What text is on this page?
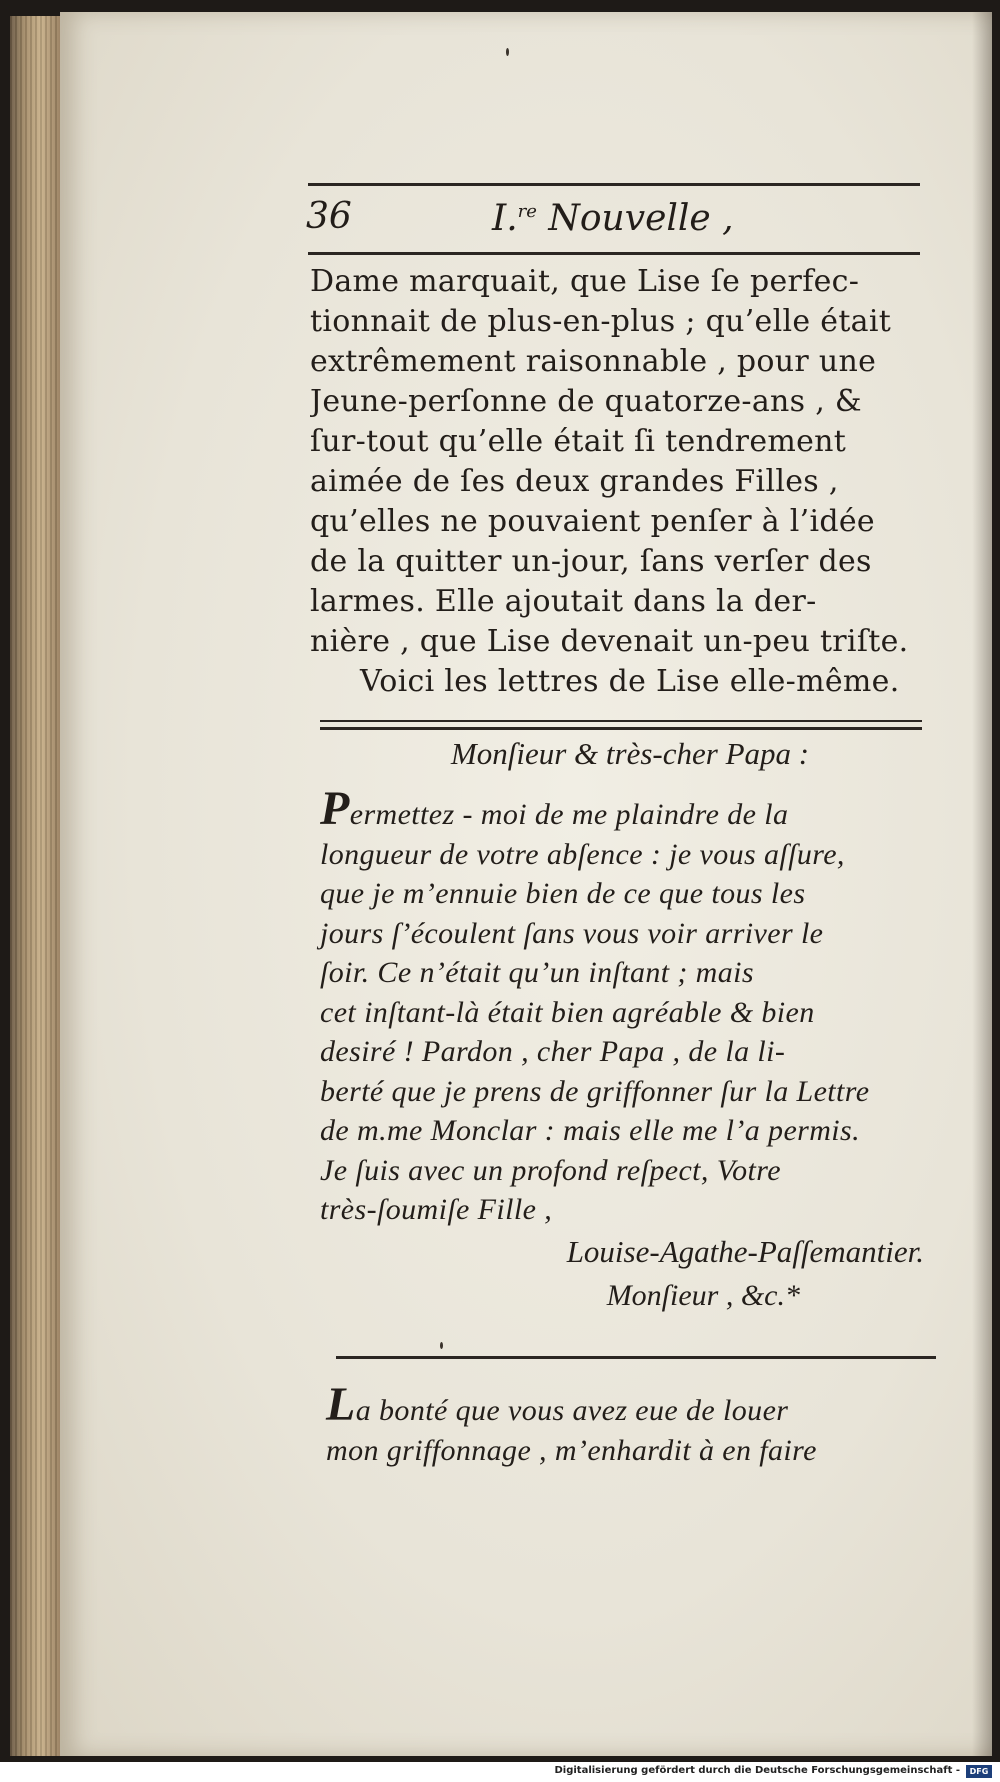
36	I.$^{re}$ Nouvelle ,
Dame marquait, que Lise ſe perfec-
tionnait de plus-en-plus ; qu’elle était
extrêmement raisonnable , pour une
Jeune-perſonne de quatorze-ans , &
ſur-tout qu’elle était ſi tendrement
aimée de ſes deux grandes Filles ,
qu’elles ne pouvaient penſer à l’idée
de la quitter un-jour, ſans verſer des
larmes. Elle ajoutait dans la der-
nière , que Lise devenait un-peu triſte.
Voici les lettres de Lise elle-même.
Monſieur & très-cher Papa :
Permettez - moi de me plaindre de la
longueur de votre abſence : je vous aſſure,
que je m’ennuie bien de ce que tous les
jours ſ’écoulent ſans vous voir arriver le
ſoir. Ce n’était qu’un inſtant ; mais
cet inſtant-là était bien agréable & bien
desiré ! Pardon , cher Papa , de la li-
berté que je prens de griffonner ſur la Lettre
de m.me Monclar : mais elle me l’a permis.
Je ſuis avec un profond reſpect, Votre
très-ſoumiſe Fille ,
Louise-Agathe-Paſſemantier.
Monſieur , &c.*
La bonté que vous avez eue de louer
mon griffonnage , m’enhardit à en faire
Digitalisierung gefördert durch die Deutsche Forschungsgemeinschaft -	DFG
